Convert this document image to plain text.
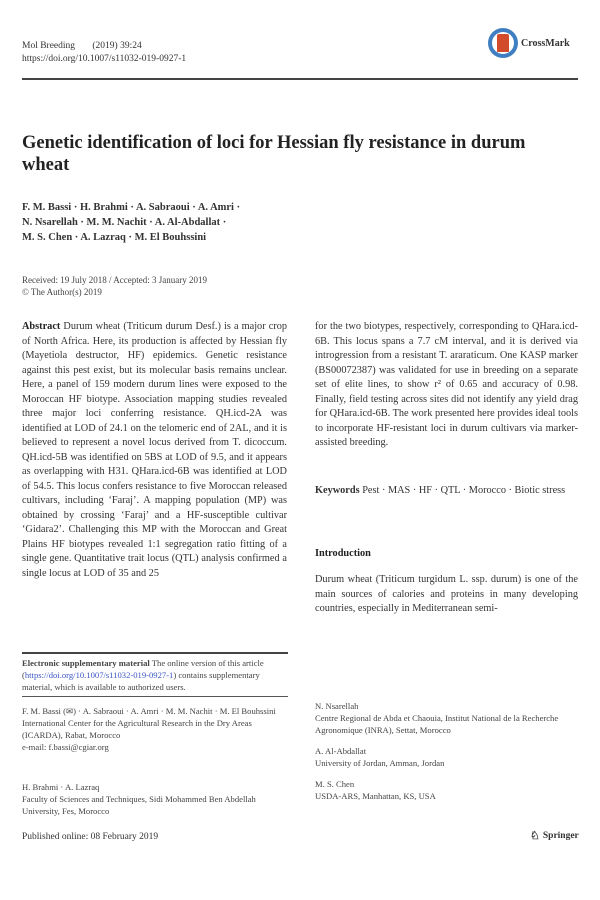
Mol Breeding (2019) 39:24
https://doi.org/10.1007/s11032-019-0927-1
CrossMark
Genetic identification of loci for Hessian fly resistance in durum wheat
F. M. Bassi · H. Brahmi · A. Sabraoui · A. Amri ·
N. Nsarellah · M. M. Nachit · A. Al-Abdallat ·
M. S. Chen · A. Lazraq · M. El Bouhssini
Received: 19 July 2018 / Accepted: 3 January 2019
© The Author(s) 2019
Abstract Durum wheat (Triticum durum Desf.) is a major crop of North Africa. Here, its production is affected by Hessian fly (Mayetiola destructor, HF) epidemics. Genetic resistance against this pest exist, but its molecular basis remains unclear. Here, a panel of 159 modern durum lines were exposed to the Moroccan HF biotype. Association mapping studies revealed three major loci conferring resistance. QH.icd-2A was identified at LOD of 24.1 on the telomeric end of 2AL, and it is believed to represent a novel locus derived from T. dicoccum. QH.icd-5B was identified on 5BS at LOD of 9.5, and it appears as overlapping with H31. QHara.icd-6B was identified at LOD of 54.5. This locus confers resistance to five Moroccan released cultivars, including ‘Faraj’. A mapping population (MP) was obtained by crossing ‘Faraj’ and a HF-susceptible cultivar ‘Gidara2’. Challenging this MP with the Moroccan and Great Plains HF biotypes revealed 1:1 segregation ratio fitting of a single gene. Quantitative trait locus (QTL) analysis confirmed a single locus at LOD of 35 and 25
for the two biotypes, respectively, corresponding to QHara.icd-6B. This locus spans a 7.7 cM interval, and it is derived via introgression from a resistant T. araraticum. One KASP marker (BS00072387) was validated for use in breeding on a separate set of elite lines, to show r² of 0.65 and accuracy of 0.98. Finally, field testing across sites did not identify any yield drag for QHara.icd-6B. The work presented here provides ideal tools to incorporate HF-resistant loci in durum cultivars via marker-assisted breeding.
Keywords Pest · MAS · HF · QTL · Morocco · Biotic stress
Introduction
Durum wheat (Triticum turgidum L. ssp. durum) is one of the main sources of calories and proteins in many developing countries, especially in Mediterranean semi-
Electronic supplementary material The online version of this article (https://doi.org/10.1007/s11032-019-0927-1) contains supplementary material, which is available to authorized users.
F. M. Bassi (✉) · A. Sabraoui · A. Amri · M. M. Nachit · M. El Bouhssini
International Center for the Agricultural Research in the Dry Areas (ICARDA), Rabat, Morocco
e-mail: f.bassi@cgiar.org
H. Brahmi · A. Lazraq
Faculty of Sciences and Techniques, Sidi Mohammed Ben Abdellah University, Fes, Morocco
N. Nsarellah
Centre Regional de Abda et Chaouia, Institut National de la Recherche Agronomique (INRA), Settat, Morocco
A. Al-Abdallat
University of Jordan, Amman, Jordan
M. S. Chen
USDA-ARS, Manhattan, KS, USA
Published online: 08 February 2019	♘ Springer
